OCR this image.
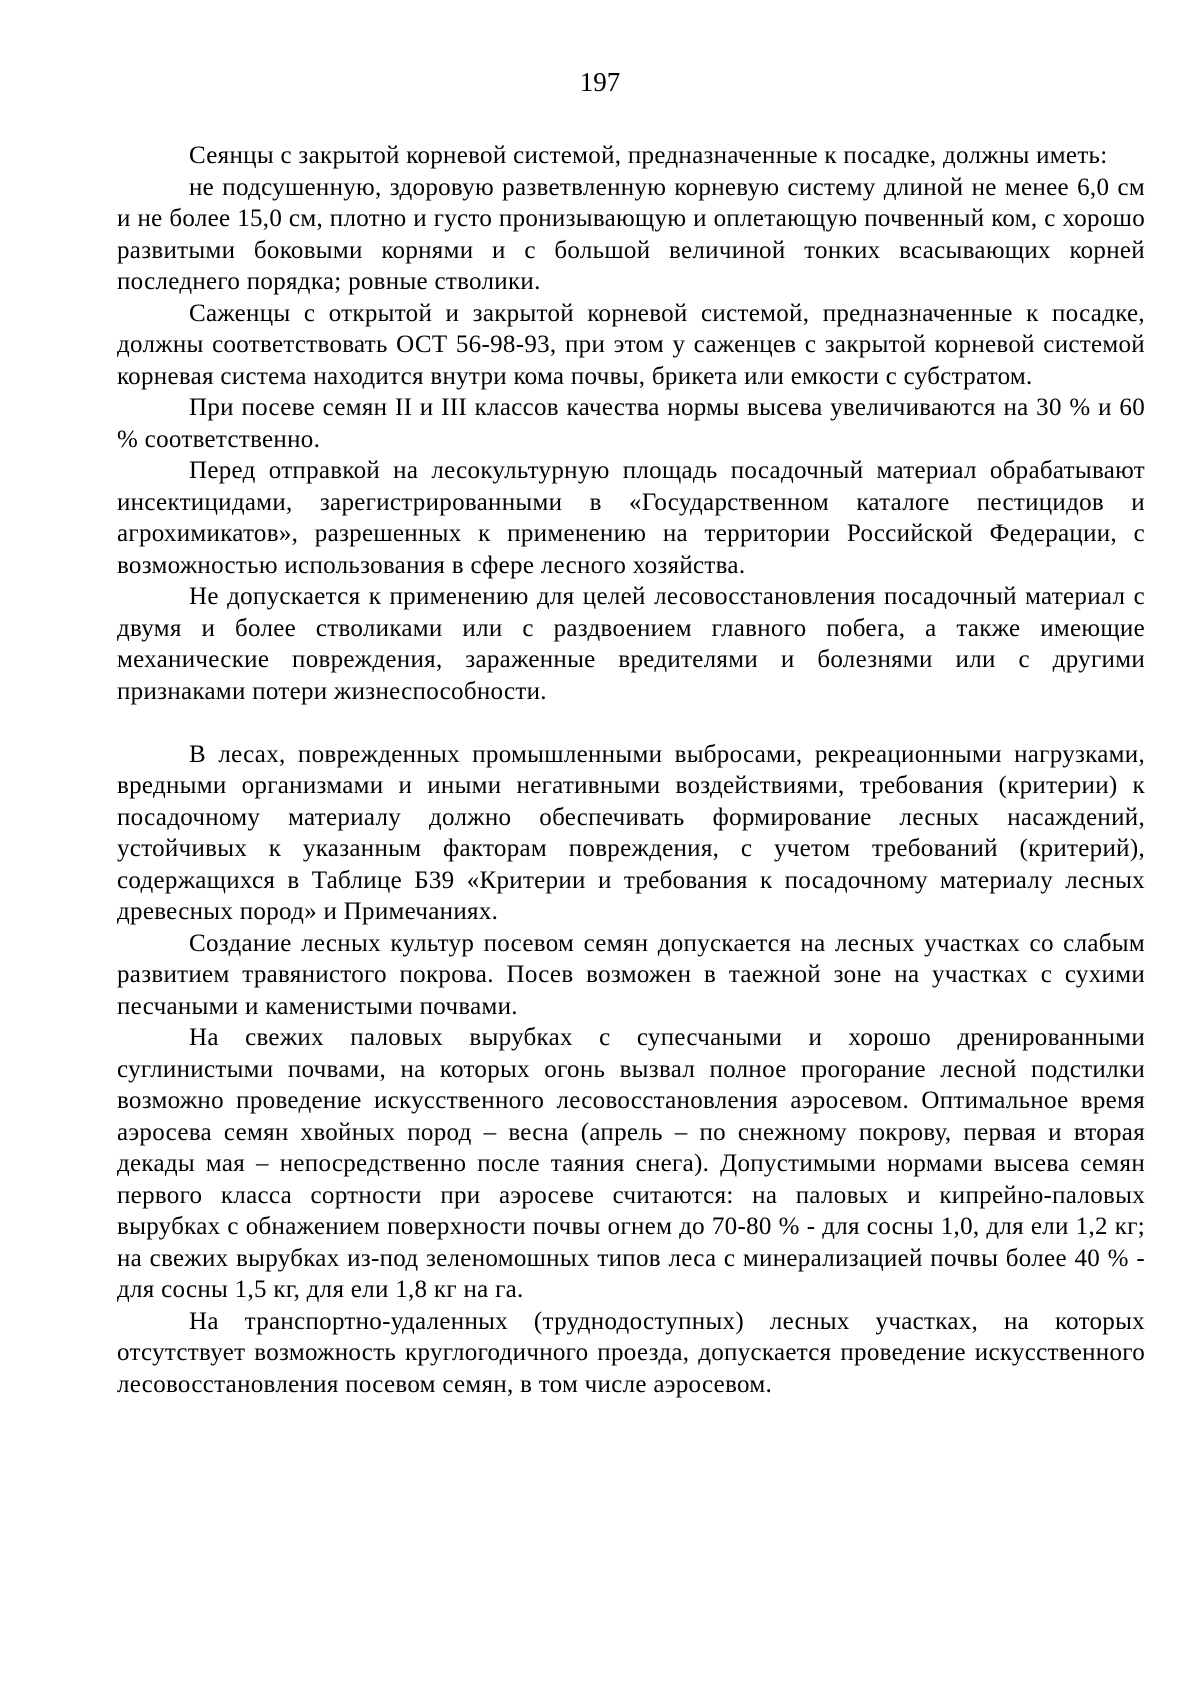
197

Сеянцы с закрытой корневой системой, предназначенные к посадке, должны иметь:

не подсушенную, здоровую разветвленную корневую систему длиной не менее 6,0 см и не более 15,0 см, плотно и густо пронизывающую и оплетающую почвенный ком, с хорошо развитыми боковыми корнями и с большой величиной тонких всасывающих корней последнего порядка; ровные стволики.

Саженцы с открытой и закрытой корневой системой, предназначенные к посадке, должны соответствовать ОСТ 56-98-93, при этом у саженцев с закрытой корневой системой корневая система находится внутри кома почвы, брикета или емкости с субстратом.

При посеве семян II и III классов качества нормы высева увеличиваются на 30 % и 60 % соответственно.

Перед отправкой на лесокультурную площадь посадочный материал обрабатывают инсектицидами, зарегистрированными в «Государственном каталоге пестицидов и агрохимикатов», разрешенных к применению на территории Российской Федерации, с возможностью использования в сфере лесного хозяйства.

Не допускается к применению для целей лесовосстановления посадочный материал с двумя и более стволиками или с раздвоением главного побега, а также имеющие механические повреждения, зараженные вредителями и болезнями или с другими признаками потери жизнеспособности.

В лесах, поврежденных промышленными выбросами, рекреационными нагрузками, вредными организмами и иными негативными воздействиями, требования (критерии) к посадочному материалу должно обеспечивать формирование лесных насаждений, устойчивых к указанным факторам повреждения, с учетом требований (критерий), содержащихся в Таблице Б39 «Критерии и требования к посадочному материалу лесных древесных пород» и Примечаниях.

Создание лесных культур посевом семян допускается на лесных участках со слабым развитием травянистого покрова. Посев возможен в таежной зоне на участках с сухими песчаными и каменистыми почвами.

На свежих паловых вырубках с супесчаными и хорошо дренированными суглинистыми почвами, на которых огонь вызвал полное прогорание лесной подстилки возможно проведение искусственного лесовосстановления аэросевом. Оптимальное время аэросева семян хвойных пород – весна (апрель – по снежному покрову, первая и вторая декады мая – непосредственно после таяния снега). Допустимыми нормами высева семян первого класса сортности при аэросеве считаются: на паловых и кипрейно-паловых вырубках с обнажением поверхности почвы огнем до 70-80 % - для сосны 1,0, для ели 1,2 кг; на свежих вырубках из-под зеленомошных типов леса с минерализацией почвы более 40 % - для сосны 1,5 кг, для ели 1,8 кг на га.

На транспортно-удаленных (труднодоступных) лесных участках, на которых отсутствует возможность круглогодичного проезда, допускается проведение искусственного лесовосстановления посевом семян, в том числе аэросевом.
